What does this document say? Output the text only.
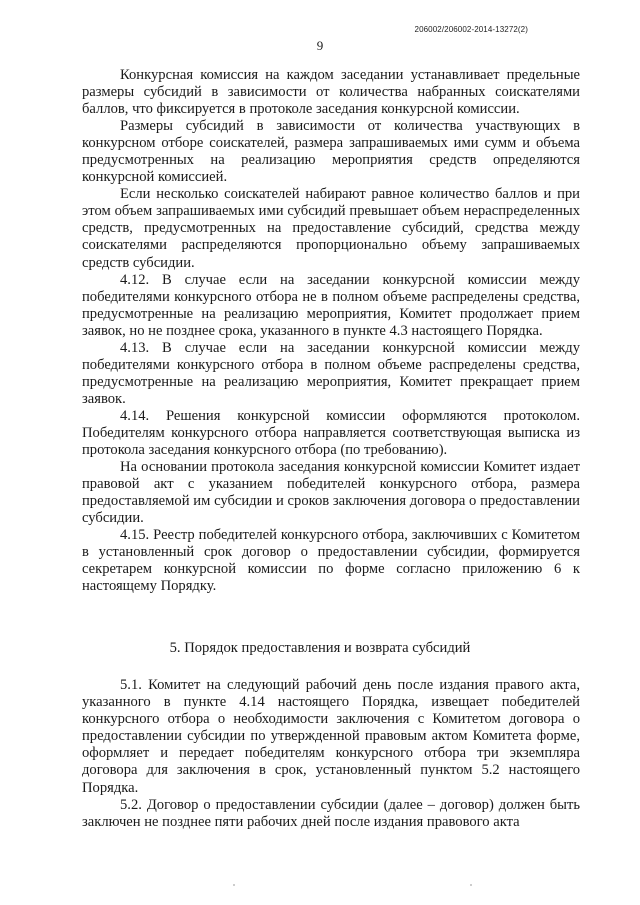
206002/206002-2014-13272(2)
9

Конкурсная комиссия на каждом заседании устанавливает предельные размеры субсидий в зависимости от количества набранных соискателями баллов, что фиксируется в протоколе заседания конкурсной комиссии.

Размеры субсидий в зависимости от количества участвующих в конкурсном отборе соискателей, размера запрашиваемых ими сумм и объема предусмотренных на реализацию мероприятия средств определяются конкурсной комиссией.

Если несколько соискателей набирают равное количество баллов и при этом объем запрашиваемых ими субсидий превышает объем нераспределенных средств, предусмотренных на предоставление субсидий, средства между соискателями распределяются пропорционально объему запрашиваемых средств субсидии.

4.12. В случае если на заседании конкурсной комиссии между победителями конкурсного отбора не в полном объеме распределены средства, предусмотренные на реализацию мероприятия, Комитет продолжает прием заявок, но не позднее срока, указанного в пункте 4.3 настоящего Порядка.

4.13. В случае если на заседании конкурсной комиссии между победителями конкурсного отбора в полном объеме распределены средства, предусмотренные на реализацию мероприятия, Комитет прекращает прием заявок.

4.14. Решения конкурсной комиссии оформляются протоколом. Победителям конкурсного отбора направляется соответствующая выписка из протокола заседания конкурсного отбора (по требованию).

На основании протокола заседания конкурсной комиссии Комитет издает правовой акт с указанием победителей конкурсного отбора, размера предоставляемой им субсидии и сроков заключения договора о предоставлении субсидии.

4.15. Реестр победителей конкурсного отбора, заключивших с Комитетом в установленный срок договор о предоставлении субсидии, формируется секретарем конкурсной комиссии по форме согласно приложению 6 к настоящему Порядку.

5. Порядок предоставления и возврата субсидий

5.1. Комитет на следующий рабочий день после издания правого акта, указанного в пункте 4.14 настоящего Порядка, извещает победителей конкурсного отбора о необходимости заключения с Комитетом договора о предоставлении субсидии по утвержденной правовым актом Комитета форме, оформляет и передает победителям конкурсного отбора три экземпляра договора для заключения в срок, установленный пунктом 5.2 настоящего Порядка.

5.2. Договор о предоставлении субсидии (далее – договор) должен быть заключен не позднее пяти рабочих дней после издания правового акта
